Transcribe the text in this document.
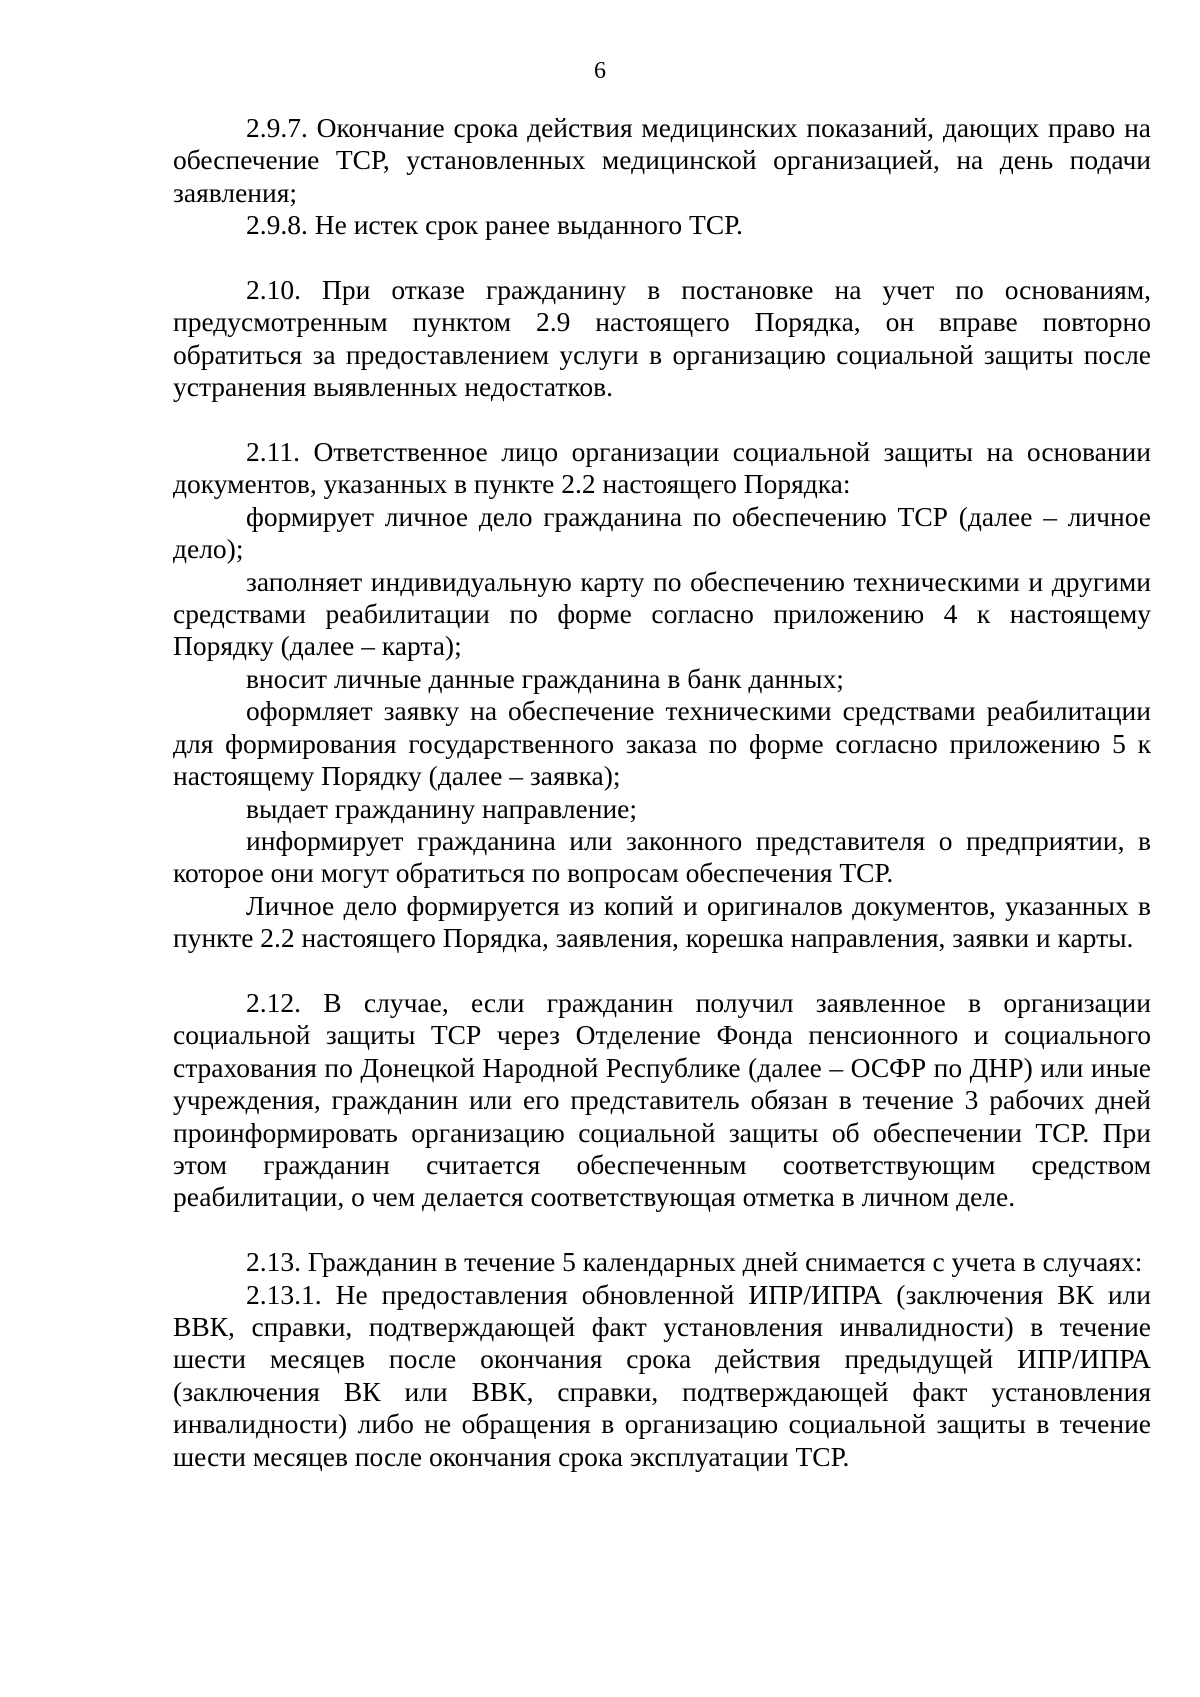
6

2.9.7. Окончание срока действия медицинских показаний, дающих право на обеспечение ТСР, установленных медицинской организацией, на день подачи заявления;

2.9.8. Не истек срок ранее выданного ТСР.

2.10. При отказе гражданину в постановке на учет по основаниям, предусмотренным пунктом 2.9 настоящего Порядка, он вправе повторно обратиться за предоставлением услуги в организацию социальной защиты после устранения выявленных недостатков.

2.11. Ответственное лицо организации социальной защиты на основании документов, указанных в пункте 2.2 настоящего Порядка:

формирует личное дело гражданина по обеспечению ТСР (далее – личное дело);

заполняет индивидуальную карту по обеспечению техническими и другими средствами реабилитации по форме согласно приложению 4 к настоящему Порядку (далее – карта);

вносит личные данные гражданина в банк данных;

оформляет заявку на обеспечение техническими средствами реабилитации для формирования государственного заказа по форме согласно приложению 5 к настоящему Порядку (далее – заявка);

выдает гражданину направление;

информирует гражданина или законного представителя о предприятии, в которое они могут обратиться по вопросам обеспечения ТСР.

Личное дело формируется из копий и оригиналов документов, указанных в пункте 2.2 настоящего Порядка, заявления, корешка направления, заявки и карты.

2.12. В случае, если гражданин получил заявленное в организации социальной защиты ТСР через Отделение Фонда пенсионного и социального страхования по Донецкой Народной Республике (далее – ОСФР по ДНР) или иные учреждения, гражданин или его представитель обязан в течение 3 рабочих дней проинформировать организацию социальной защиты об обеспечении ТСР. При этом гражданин считается обеспеченным соответствующим средством реабилитации, о чем делается соответствующая отметка в личном деле.

2.13. Гражданин в течение 5 календарных дней снимается с учета в случаях:

2.13.1. Не предоставления обновленной ИПР/ИПРА (заключения ВК или ВВК, справки, подтверждающей факт установления инвалидности) в течение шести месяцев после окончания срока действия предыдущей ИПР/ИПРА (заключения ВК или ВВК, справки, подтверждающей факт установления инвалидности) либо не обращения в организацию социальной защиты в течение шести месяцев после окончания срока эксплуатации ТСР.
